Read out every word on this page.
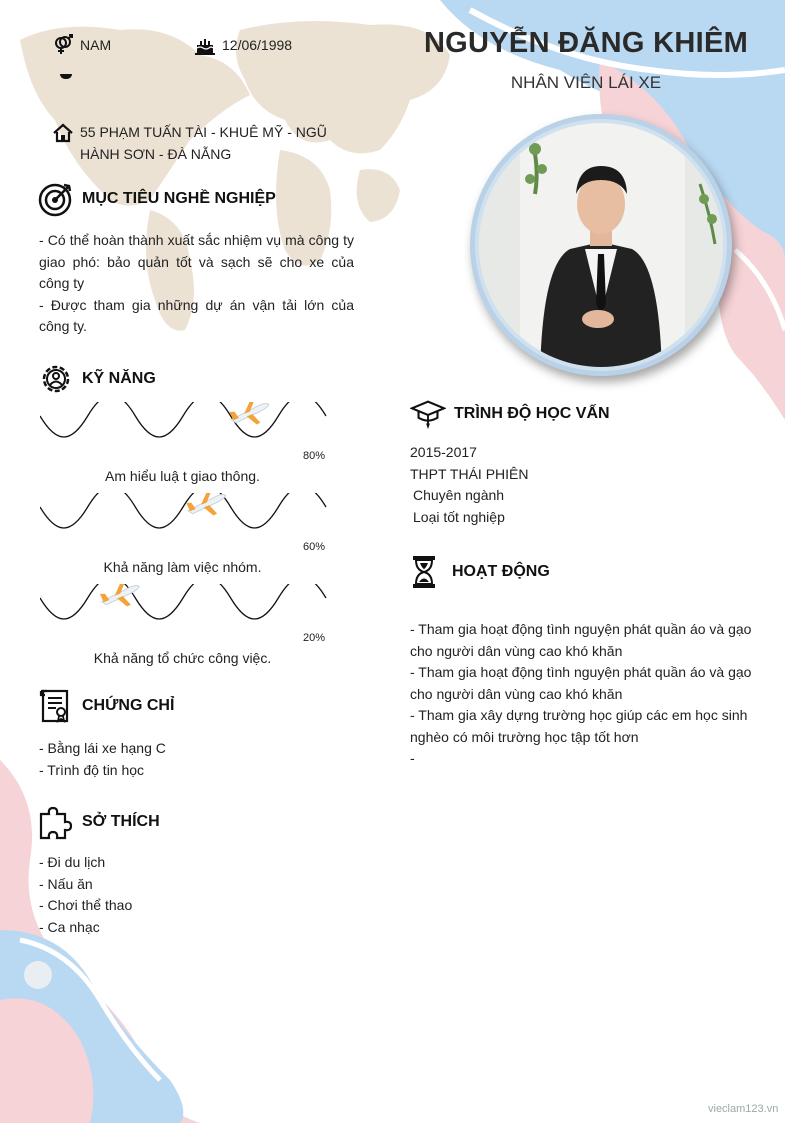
NAM	12/06/1998
55 PHẠM TUẤN TÀI - KHUÊ MỸ - NGŨ HÀNH SƠN - ĐÀ NẴNG
NGUYỄN ĐĂNG KHIÊM
NHÂN VIÊN LÁI XE
MỤC TIÊU NGHỀ NGHIỆP
- Có thể hoàn thành xuất sắc nhiệm vụ mà công ty giao phó: bảo quản tốt và sạch sẽ cho xe của công ty
- Được tham gia những dự án vận tải lớn của công ty.
KỸ NĂNG
80%
Am hiểu luậ t giao thông.
60%
Khả năng làm việc nhóm.
20%
Khả năng tổ chức công việc.
CHỨNG CHỈ
- Bằng lái xe hạng C
- Trình độ tin học
SỞ THÍCH
- Đi du lịch
- Nấu ăn
- Chơi thể thao
- Ca nhạc
TRÌNH ĐỘ HỌC VẤN
2015-2017
THPT THÁI PHIÊN
Chuyên ngành
Loại tốt nghiệp
HOẠT ĐỘNG
- Tham gia hoạt động tình nguyện phát quần áo và gạo cho người dân vùng cao khó khăn
- Tham gia hoạt động tình nguyện phát quần áo và gạo cho người dân vùng cao khó khăn
- Tham gia xây dựng trường học giúp các em học sinh nghèo có môi trường học tập tốt hơn
-
vieclam123.vn
